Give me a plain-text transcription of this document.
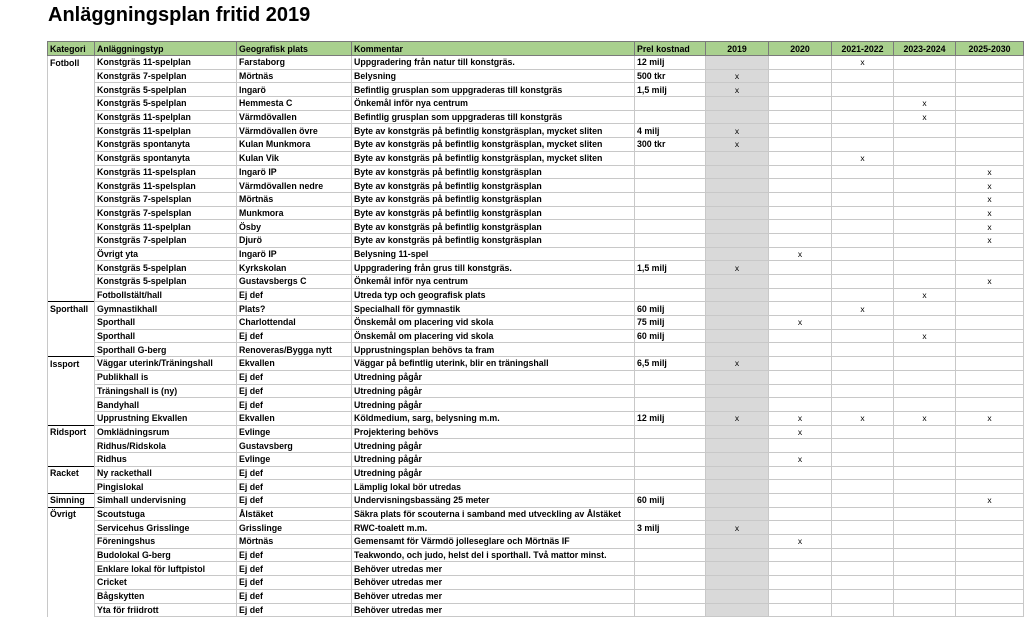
Anläggningsplan fritid 2019
Kategori	Anläggningstyp	Geografisk plats	Kommentar	Prel kostnad	2019	2020	2021-2022	2023-2024	2025-2030
Fotboll	Konstgräs 11-spelplan	Farstaborg	Uppgradering från natur till konstgräs.	12 milj			x		
	Konstgräs 7-spelplan	Mörtnäs	Belysning	500 tkr	x				
	Konstgräs 5-spelplan	Ingarö	Befintlig grusplan som uppgraderas till konstgräs	1,5 milj	x				
	Konstgräs 5-spelplan	Hemmesta C	Önkemål inför nya centrum					x	
	Konstgräs 11-spelplan	Värmdövallen	Befintlig grusplan som uppgraderas till konstgräs					x	
	Konstgräs 11-spelplan	Värmdövallen övre	Byte av konstgräs på befintlig konstgräsplan, mycket sliten	4 milj	x				
	Konstgräs spontanyta	Kulan Munkmora	Byte av konstgräs på befintlig konstgräsplan, mycket sliten	300 tkr	x				
	Konstgräs spontanyta	Kulan Vik	Byte av konstgräs på befintlig konstgräsplan, mycket sliten				x		
	Konstgräs 11-spelsplan	Ingarö IP	Byte av konstgräs på befintlig konstgräsplan						x
	Konstgräs 11-spelsplan	Värmdövallen nedre	Byte av konstgräs på befintlig konstgräsplan						x
	Konstgräs 7-spelsplan	Mörtnäs	Byte av konstgräs på befintlig konstgräsplan						x
	Konstgräs 7-spelsplan	Munkmora	Byte av konstgräs på befintlig konstgräsplan						x
	Konstgräs 11-spelplan	Ösby	Byte av konstgräs på befintlig konstgräsplan						x
	Konstgräs 7-spelplan	Djurö	Byte av konstgräs på befintlig konstgräsplan						x
	Övrigt yta	Ingarö IP	Belysning 11-spel			x			
	Konstgräs 5-spelplan	Kyrkskolan	Uppgradering från grus till konstgräs.	1,5 milj	x				
	Konstgräs 5-spelplan	Gustavsbergs C	Önkemål inför nya centrum						x
	Fotbollstält/hall	Ej def	Utreda typ och geografisk plats					x	
Sporthall	Gymnastikhall	Plats?	Specialhall för gymnastik	60 milj			x		
	Sporthall	Charlottendal	Önskemål om placering vid skola	75 milj		x			
	Sporthall	Ej def	Önskemål om placering vid skola	60 milj				x	
	Sporthall G-berg	Renoveras/Bygga nytt	Upprustningsplan behövs ta fram						
Issport	Väggar uterink/Träningshall	Ekvallen	Väggar på befintlig uterink, blir en träningshall	6,5 milj	x				
	Publikhall is	Ej def	Utredning pågår						
	Träningshall is (ny)	Ej def	Utredning pågår						
	Bandyhall	Ej def	Utredning pågår						
	Upprustning Ekvallen	Ekvallen	Köldmedium, sarg, belysning m.m.	12 milj	x	x	x	x	x
Ridsport	Omklädningsrum	Evlinge	Projektering behövs			x			
	Ridhus/Ridskola	Gustavsberg	Utredning pågår						
	Ridhus	Evlinge	Utredning pågår			x			
Racket	Ny rackethall	Ej def	Utredning pågår						
	Pingislokal	Ej def	Lämplig lokal bör utredas						
Simning	Simhall undervisning	Ej def	Undervisningsbassäng 25 meter	60 milj					x
Övrigt	Scoutstuga	Ålstäket	Säkra plats för scouterna i samband med utveckling av Ålstäket						
	Servicehus Grisslinge	Grisslinge	RWC-toalett m.m.	3 milj	x				
	Föreningshus	Mörtnäs	Gemensamt för Värmdö jolleseglare och Mörtnäs IF			x			
	Budolokal G-berg	Ej def	Teakwondo, och judo, helst del i sporthall. Två mattor minst.						
	Enklare lokal för luftpistol	Ej def	Behöver utredas mer						
	Cricket	Ej def	Behöver utredas mer						
	Bågskytten	Ej def	Behöver utredas mer						
	Yta för friidrott	Ej def	Behöver utredas mer						
